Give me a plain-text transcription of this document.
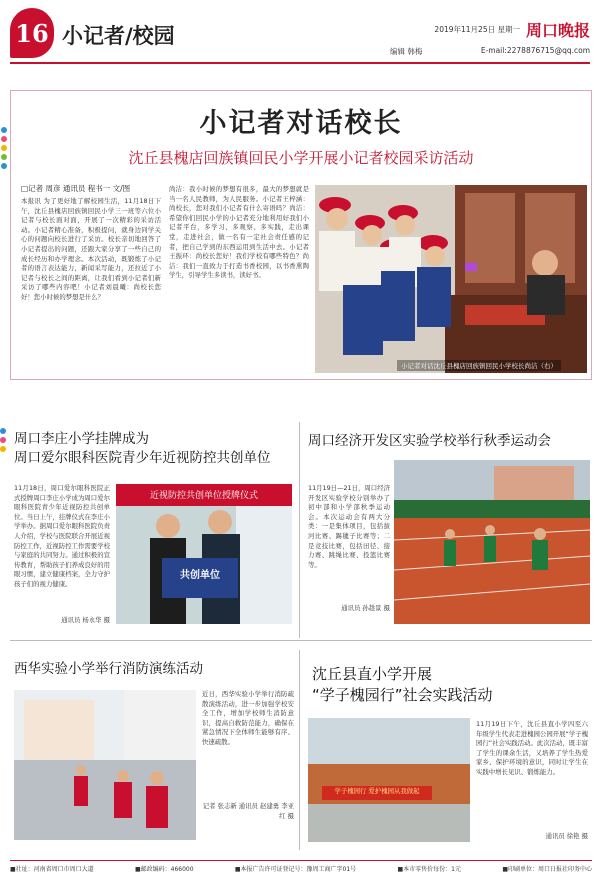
16 小记者/校园	2019年11月25日 星期一 周口晚报
编辑 韩梅	E-mail:2278876715@qq.com
小记者对话校长
沈丘县槐店回族镇回民小学开展小记者校园采访活动
□记者 周彦 通讯员 程书一 文/图
本报讯 为了更好地了解校园生活，11月18日下午，沈丘县槐店回族镇回民小学三一班等六位小记者与校长面对面，开展了一次精彩的采访活动。小记者精心准备，积极提问，就身边同学关心的问题向校长进行了采访。校长亲切地回答了小记者提出的问题，还跟大家分享了一些自己的成长经历和办学理念。本次活动，既锻炼了小记者的语言表达能力，新闻采写能力，还拉近了小记者与校长之间的距离，让我们看到小记者们新采访了哪些内容吧！小记者刘晨曦：尚校长您好！您小时候的梦想是什么？
尚洁：我小时候的梦想有很多，最大的梦想就是当一名人民教师，为人民服务。小记者王梓涵：尚校长，您对我们小记者有什么寄语吗？尚洁：希望你们回民小学的小记者充分地利用好我们小记者平台，多学习、多观察、多实践，走出课堂，走进社会，做一名有一定社会责任感的记者，把自己学到的东西运用到生活中去。小记者王振环：尚校长您好！我们学校有哪些特色？尚洁：我们一直致力于打造书香校园，以书香熏陶学生，引导学生多读书，读好书。
小记者对话沈丘县槐店回族镇回民小学校长尚洁（右）
周口李庄小学挂牌成为
周口爱尔眼科医院青少年近视防控共创单位
11月18日，周口爱尔眼科医院正式授牌周口李庄小学成为周口爱尔眼科医院青少年近视防控共创单位。当日上午，挂牌仪式在李庄小学举办。据周口爱尔眼科医院负责人介绍，学校与医院联合开展近视防控工作，近视防控工作需要学校与家庭的共同努力。通过积极的宣传教育，帮助孩子们养成良好的用眼习惯，建立健康档案，全力守护孩子们的视力健康。
通讯员 杨永华 摄
近视防控共创单位授牌仪式
共创单位
周口经济开发区实验学校举行秋季运动会
11月19日—21日，周口经济开发区实验学校分别举办了初中部和小学部秋季运动会。本次运动会有两大分类：一是集体项目，包括拔河比赛、踢毽子比赛等；二是竞技比赛，包括田径、接力赛、跳绳比赛、投篮比赛等。
通讯员 孙趁景 摄
西华实验小学举行消防演练活动
近日，西华实验小学举行消防疏散演练活动，进一步加强学校安全工作，增加学校师生消防意识，提高自救防范能力，确保在紧急情况下全体师生能够有序、快速疏散。
记者 张志新 通讯员 赵建勇 李亚红 摄
沈丘县直小学开展
“学子槐园行”社会实践活动
学子槐园行 爱护槐园从我做起
11月19日下午，沈丘县直小学四至六年级学生代表走进槐园公园开展“学子槐园行”社会实践活动。此次活动，既丰富了学生的课余生活，又培养了学生热爱家乡、保护环境的意识，同时让学生在实践中增长见识、锻炼能力。
通讯员 徐艳 摄
■社址：河南省周口市周口大道	■邮政编码：466000	■本报广告许可证登记号：豫周工商广字01号	■本市零售价每份：1元	■印刷单位：周口日报社印务中心
